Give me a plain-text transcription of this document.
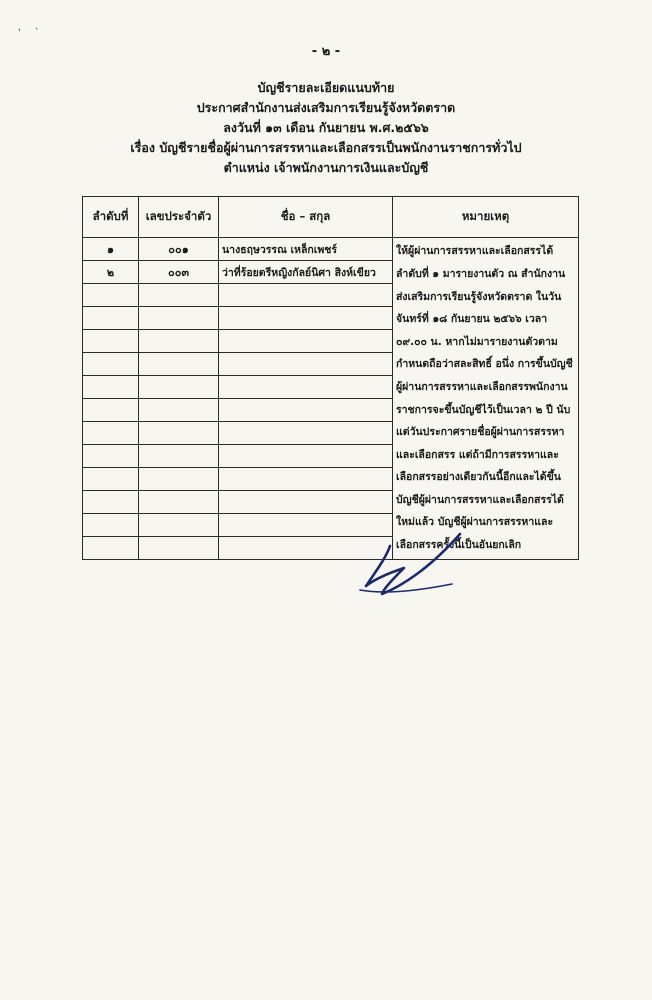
'     `
- ๒ -
บัญชีรายละเอียดแนบท้าย
ประกาศสำนักงานส่งเสริมการเรียนรู้จังหวัดตราด
ลงวันที่ ๑๓ เดือน กันยายน พ.ศ.๒๕๖๖
เรื่อง บัญชีรายชื่อผู้ผ่านการสรรหาและเลือกสรรเป็นพนักงานราชการทั่วไป
ตำแหน่ง เจ้าพนักงานการเงินและบัญชี
ลำดับที่	เลขประจำตัว	ชื่อ – สกุล	หมายเหตุ
๑	๐๐๑	นางธฤษวรรณ เหล็กเพชร์	ให้ผู้ผ่านการสรรหาและเลือกสรรได้ลำดับที่ ๑ มารายงานตัว ณ สำนักงานส่งเสริมการเรียนรู้จังหวัดตราด ในวันจันทร์ที่ ๑๘ กันยายน ๒๕๖๖ เวลา ๐๙.๐๐ น. หากไม่มารายงานตัวตามกำหนดถือว่าสละสิทธิ์ อนึ่ง การขึ้นบัญชีผู้ผ่านการสรรหาและเลือกสรรพนักงานราชการจะขึ้นบัญชีไว้เป็นเวลา ๒ ปี นับแต่วันประกาศรายชื่อผู้ผ่านการสรรหาและเลือกสรร แต่ถ้ามีการสรรหาและเลือกสรรอย่างเดียวกันนี้อีกและได้ขึ้นบัญชีผู้ผ่านการสรรหาและเลือกสรรได้ใหม่แล้ว บัญชีผู้ผ่านการสรรหาและเลือกสรรครั้งนี้เป็นอันยกเลิก
๒	๐๐๓	ว่าที่ร้อยตรีหญิงกัลย์นิศา สิงห์เขียว	
